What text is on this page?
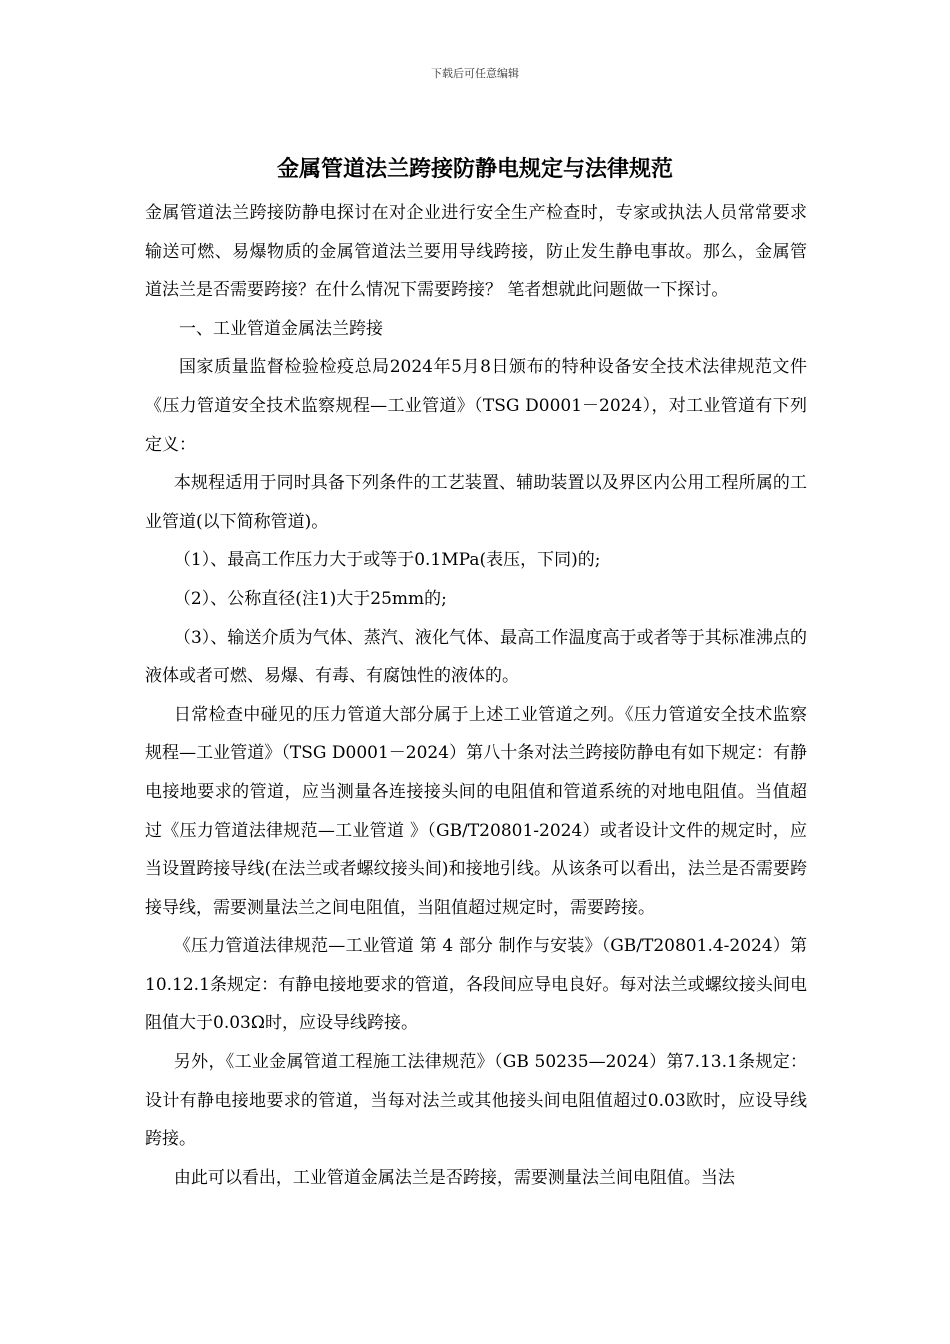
下载后可任意编辑
金属管道法兰跨接防静电规定与法律规范

金属管道法兰跨接防静电探讨在对企业进行安全生产检查时，专家或执法人员常常要求输送可燃、易爆物质的金属管道法兰要用导线跨接，防止发生静电事故。那么，金属管道法兰是否需要跨接？在什么情况下需要跨接？ 笔者想就此问题做一下探讨。

一、工业管道金属法兰跨接

国家质量监督检验检疫总局2024年5月8日颁布的特种设备安全技术法律规范文件《压力管道安全技术监察规程—工业管道》（TSG D0001－2024），对工业管道有下列定义：

本规程适用于同时具备下列条件的工艺装置、辅助装置以及界区内公用工程所属的工业管道(以下简称管道)。

（1）、最高工作压力大于或等于0.1MPa(表压，下同)的;

（2）、公称直径(注1)大于25mm的;

（3）、输送介质为气体、蒸汽、液化气体、最高工作温度高于或者等于其标准沸点的液体或者可燃、易爆、有毒、有腐蚀性的液体的。

日常检查中碰见的压力管道大部分属于上述工业管道之列。《压力管道安全技术监察规程—工业管道》（TSG D0001－2024）第八十条对法兰跨接防静电有如下规定：有静电接地要求的管道，应当测量各连接接头间的电阻值和管道系统的对地电阻值。当值超过《压力管道法律规范—工业管道 》（GB/T20801-2024）或者设计文件的规定时，应当设置跨接导线(在法兰或者螺纹接头间)和接地引线。从该条可以看出，法兰是否需要跨接导线，需要测量法兰之间电阻值，当阻值超过规定时，需要跨接。

《压力管道法律规范—工业管道 第 4 部分 制作与安装》（GB/T20801.4-2024）第10.12.1条规定：有静电接地要求的管道，各段间应导电良好。每对法兰或螺纹接头间电阻值大于0.03Ω时，应设导线跨接。

另外，《工业金属管道工程施工法律规范》（GB 50235—2024）第7.13.1条规定：设计有静电接地要求的管道，当每对法兰或其他接头间电阻值超过0.03欧时，应设导线跨接。

由此可以看出，工业管道金属法兰是否跨接，需要测量法兰间电阻值。当法
